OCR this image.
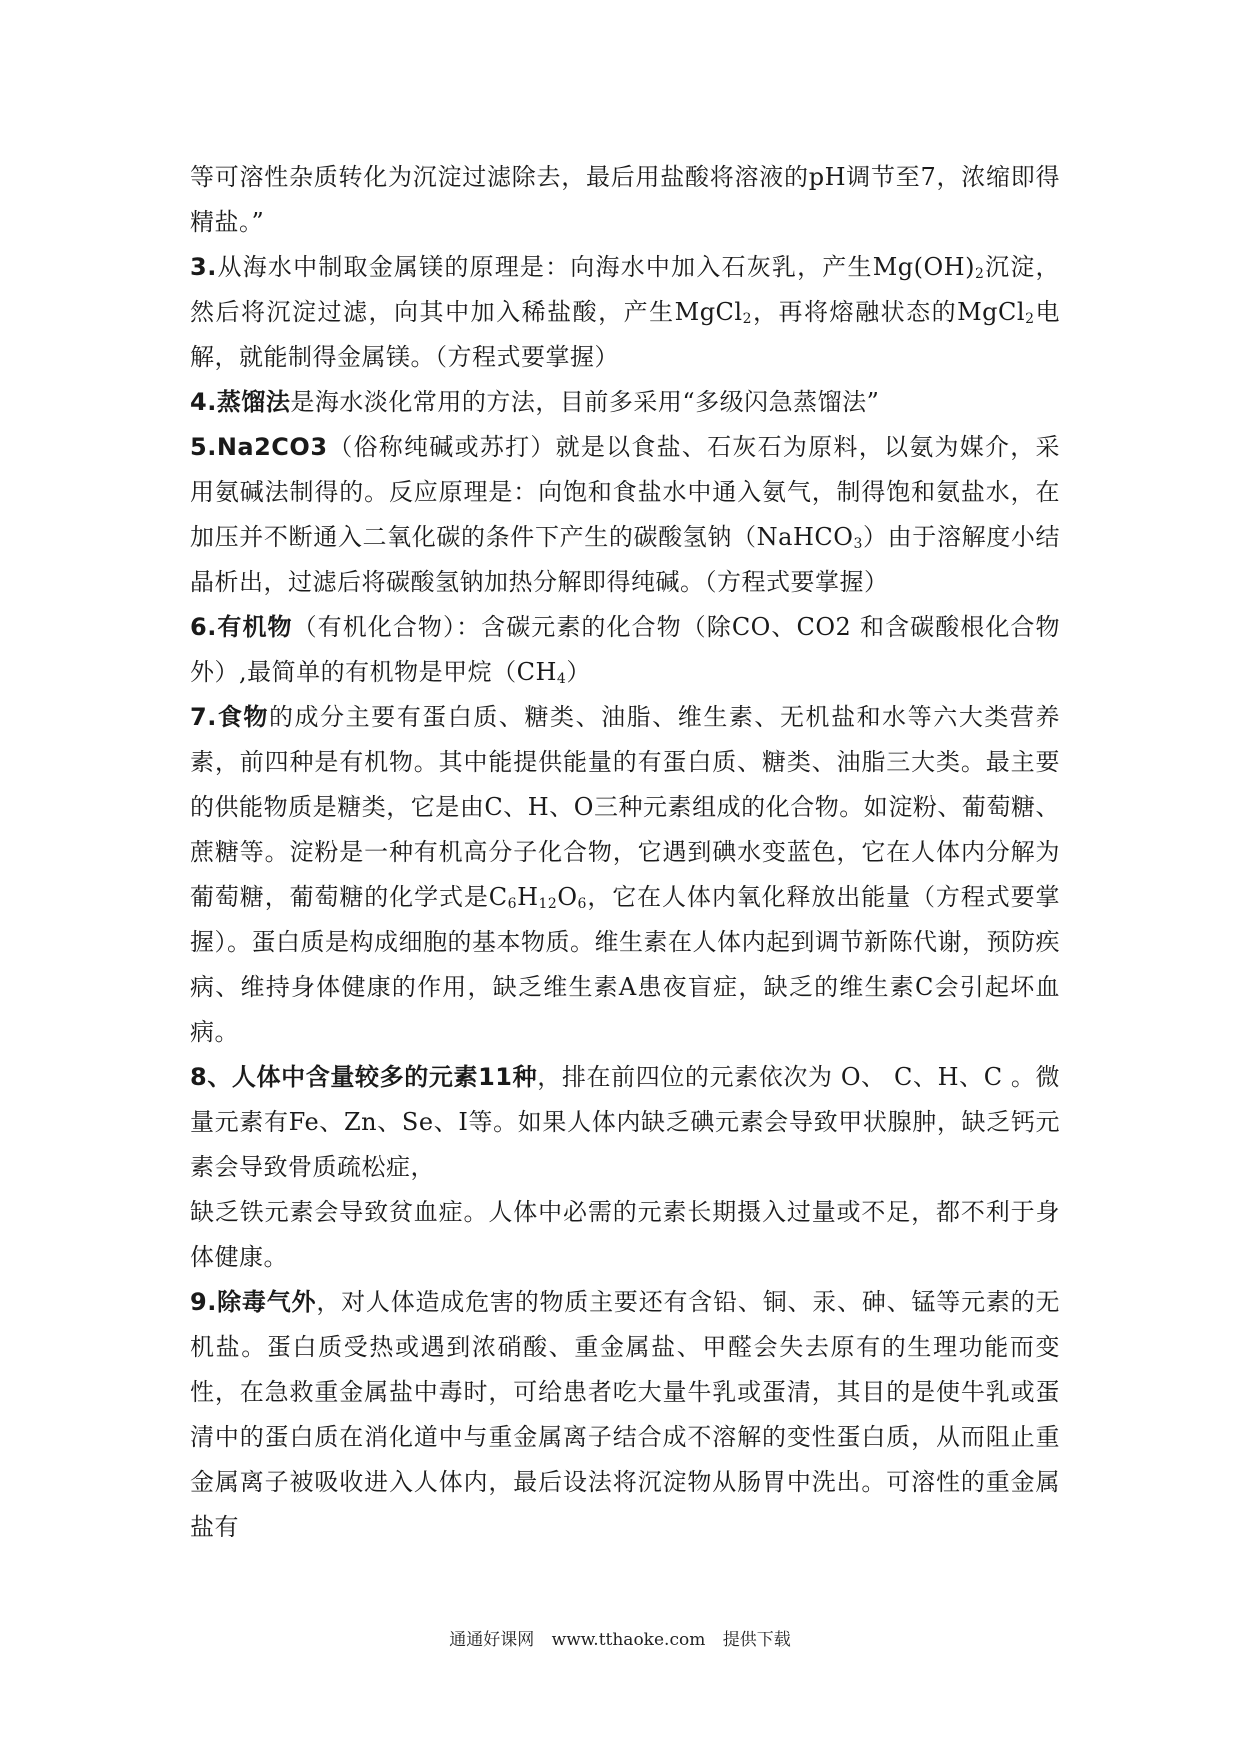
等可溶性杂质转化为沉淀过滤除去，最后用盐酸将溶液的pH调节至7，浓缩即得精盐。”

3.从海水中制取金属镁的原理是：向海水中加入石灰乳，产生$Mg(OH)_2$沉淀，然后将沉淀过滤，向其中加入稀盐酸，产生MgCl$_2$，再将熔融状态的MgCl$_2$电解，就能制得金属镁。（方程式要掌握）

4.蒸馏法是海水淡化常用的方法，目前多采用“多级闪急蒸馏法”

5.Na2CO3（俗称纯碱或苏打）就是以食盐、石灰石为原料，以氨为媒介，采用氨碱法制得的。反应原理是：向饱和食盐水中通入氨气，制得饱和氨盐水，在加压并不断通入二氧化碳的条件下产生的碳酸氢钠（NaHCO$_3$）由于溶解度小结晶析出，过滤后将碳酸氢钠加热分解即得纯碱。（方程式要掌握）

6.有机物（有机化合物）：含碳元素的化合物（除CO、CO2 和含碳酸根化合物外）,最简单的有机物是甲烷$(CH_4)$

7.食物的成分主要有蛋白质、糖类、油脂、维生素、无机盐和水等六大类营养素，前四种是有机物。其中能提供能量的有蛋白质、糖类、油脂三大类。最主要的供能物质是糖类，它是由C、H、O三种元素组成的化合物。如淀粉、葡萄糖、蔗糖等。淀粉是一种有机高分子化合物，它遇到碘水变蓝色，它在人体内分解为葡萄糖，葡萄糖的化学式是$C_6H_{12}O_6$，它在人体内氧化释放出能量（方程式要掌握）。蛋白质是构成细胞的基本物质。维生素在人体内起到调节新陈代谢，预防疾病、维持身体健康的作用，缺乏维生素A患夜盲症，缺乏的维生素C会引起坏血病。

8、人体中含量较多的元素11种，排在前四位的元素依次为 O、 C、H、C 。微量元素有Fe、Zn、Se、I等。如果人体内缺乏碘元素会导致甲状腺肿，缺乏钙元素会导致骨质疏松症，

缺乏铁元素会导致贫血症。人体中必需的元素长期摄入过量或不足，都不利于身体健康。

9.除毒气外，对人体造成危害的物质主要还有含铅、铜、汞、砷、锰等元素的无机盐。蛋白质受热或遇到浓硝酸、重金属盐、甲醛会失去原有的生理功能而变性，在急救重金属盐中毒时，可给患者吃大量牛乳或蛋清，其目的是使牛乳或蛋清中的蛋白质在消化道中与重金属离子结合成不溶解的变性蛋白质，从而阻止重金属离子被吸收进入人体内，最后设法将沉淀物从肠胃中洗出。可溶性的重金属盐有

通通好课网 www.tthaoke.com 提供下载
